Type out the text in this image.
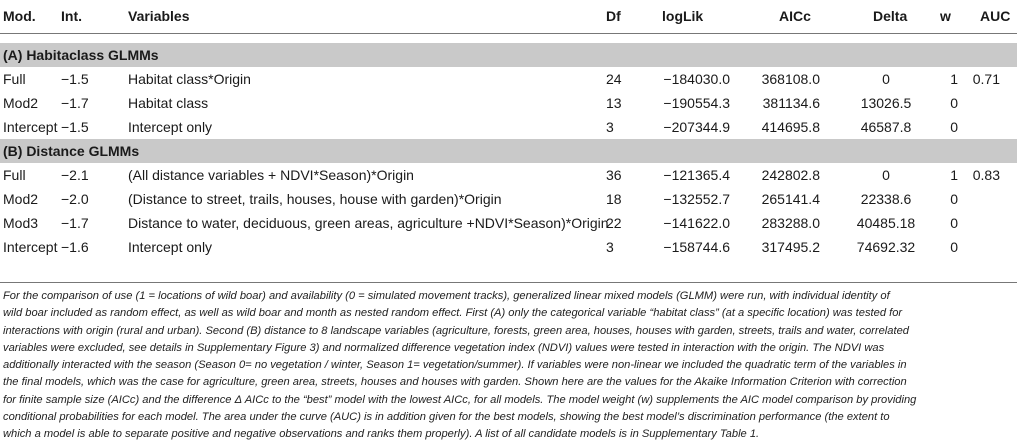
Mod.	Int.	Variables	Df	logLik	AICc	Delta	w	AUC

(A) Habitaclass GLMMs								
Full	−1.5	Habitat class*Origin	24	−184030.0	368108.0	0	1	0.71
Mod2	−1.7	Habitat class	13	−190554.3	381134.6	13026.5	0	
Intercept	−1.5	Intercept only	3	−207344.9	414695.8	46587.8	0	
(B) Distance GLMMs								
Full	−2.1	(All distance variables + NDVI*Season)*Origin	36	−121365.4	242802.8	0	1	0.83
Mod2	−2.0	(Distance to street, trails, houses, house with garden)*Origin	18	−132552.7	265141.4	22338.6	0	
Mod3	−1.7	Distance to water, deciduous, green areas, agriculture +NDVI*Season)*Origin	22	−141622.0	283288.0	40485.18	0	
Intercept	−1.6	Intercept only	3	−158744.6	317495.2	74692.32	0	
For the comparison of use (1 = locations of wild boar) and availability (0 = simulated movement tracks), generalized linear mixed models (GLMM) were run, with individual identity of
wild boar included as random effect, as well as wild boar and month as nested random effect. First (A) only the categorical variable “habitat class” (at a specific location) was tested for
interactions with origin (rural and urban). Second (B) distance to 8 landscape variables (agriculture, forests, green area, houses, houses with garden, streets, trails and water, correlated
variables were excluded, see details in Supplementary Figure 3) and normalized difference vegetation index (NDVI) values were tested in interaction with the origin. The NDVI was
additionally interacted with the season (Season 0= no vegetation / winter, Season 1= vegetation/summer). If variables were non-linear we included the quadratic term of the variables in
the final models, which was the case for agriculture, green area, streets, houses and houses with garden. Shown here are the values for the Akaike Information Criterion with correction
for finite sample size (AICc) and the difference Δ AICc to the “best” model with the lowest AICc, for all models. The model weight (w) supplements the AIC model comparison by providing
conditional probabilities for each model. The area under the curve (AUC) is in addition given for the best models, showing the best model’s discrimination performance (the extent to
which a model is able to separate positive and negative observations and ranks them properly). A list of all candidate models is in Supplementary Table 1.
